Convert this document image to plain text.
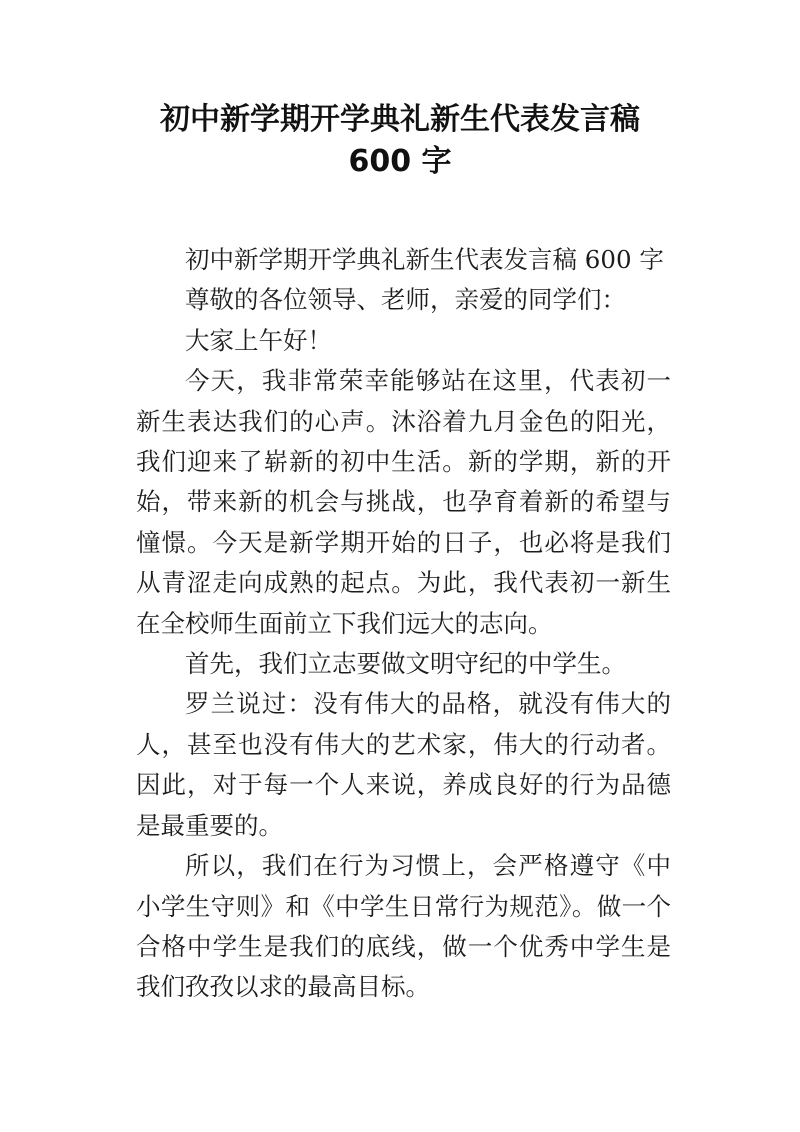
初中新学期开学典礼新生代表发言稿
600 字

初中新学期开学典礼新生代表发言稿 600 字

尊敬的各位领导、老师，亲爱的同学们：

大家上午好！

今天，我非常荣幸能够站在这里，代表初一新生表达我们的心声。沐浴着九月金色的阳光，我们迎来了崭新的初中生活。新的学期，新的开始，带来新的机会与挑战，也孕育着新的希望与憧憬。今天是新学期开始的日子，也必将是我们从青涩走向成熟的起点。为此，我代表初一新生在全校师生面前立下我们远大的志向。

首先，我们立志要做文明守纪的中学生。

罗兰说过：没有伟大的品格，就没有伟大的人，甚至也没有伟大的艺术家，伟大的行动者。因此，对于每一个人来说，养成良好的行为品德是最重要的。

所以，我们在行为习惯上，会严格遵守《中小学生守则》和《中学生日常行为规范》。做一个合格中学生是我们的底线，做一个优秀中学生是我们孜孜以求的最高目标。
